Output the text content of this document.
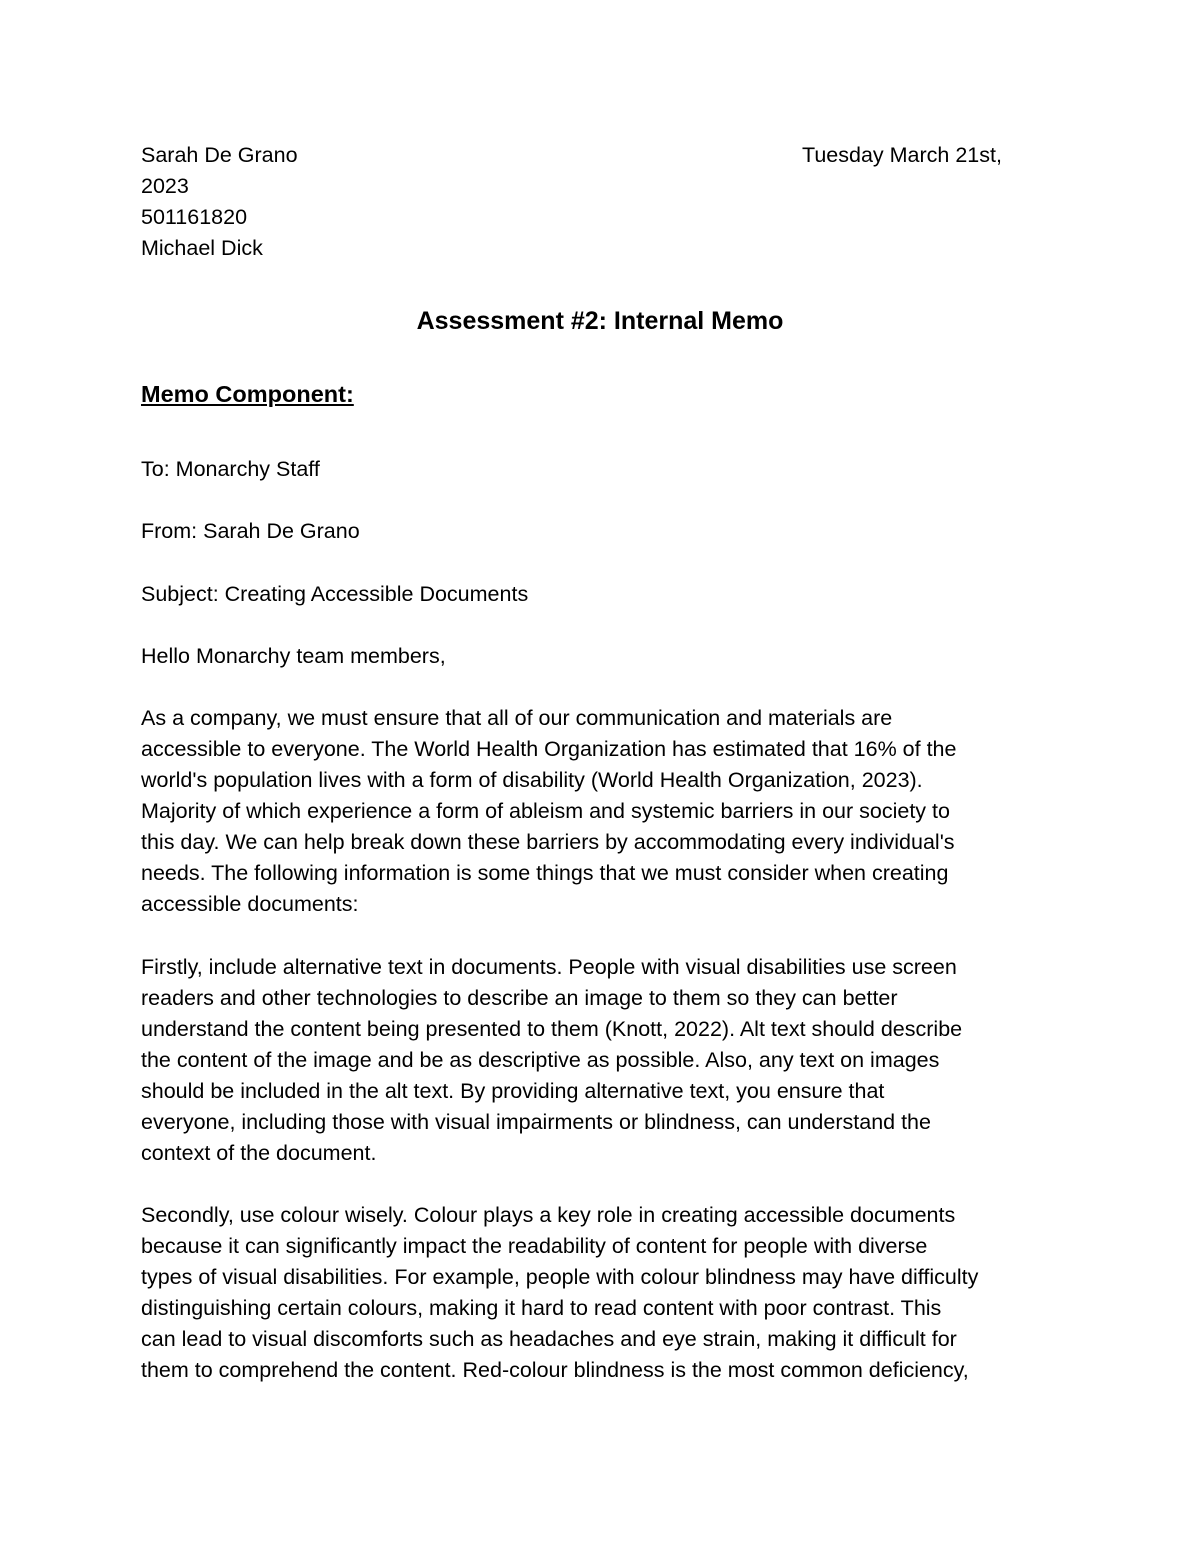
Sarah De Grano	Tuesday March 21st,
2023
501161820
Michael Dick
Assessment #2: Internal Memo
Memo Component:
To: Monarchy Staff
From: Sarah De Grano
Subject: Creating Accessible Documents
Hello Monarchy team members,
As a company, we must ensure that all of our communication and materials are
accessible to everyone. The World Health Organization has estimated that 16% of the
world's population lives with a form of disability (World Health Organization, 2023).
Majority of which experience a form of ableism and systemic barriers in our society to
this day. We can help break down these barriers by accommodating every individual's
needs. The following information is some things that we must consider when creating
accessible documents:
Firstly, include alternative text in documents. People with visual disabilities use screen
readers and other technologies to describe an image to them so they can better
understand the content being presented to them (Knott, 2022). Alt text should describe
the content of the image and be as descriptive as possible. Also, any text on images
should be included in the alt text. By providing alternative text, you ensure that
everyone, including those with visual impairments or blindness, can understand the
context of the document.
Secondly, use colour wisely. Colour plays a key role in creating accessible documents
because it can significantly impact the readability of content for people with diverse
types of visual disabilities. For example, people with colour blindness may have difficulty
distinguishing certain colours, making it hard to read content with poor contrast. This
can lead to visual discomforts such as headaches and eye strain, making it difficult for
them to comprehend the content. Red-colour blindness is the most common deficiency,
